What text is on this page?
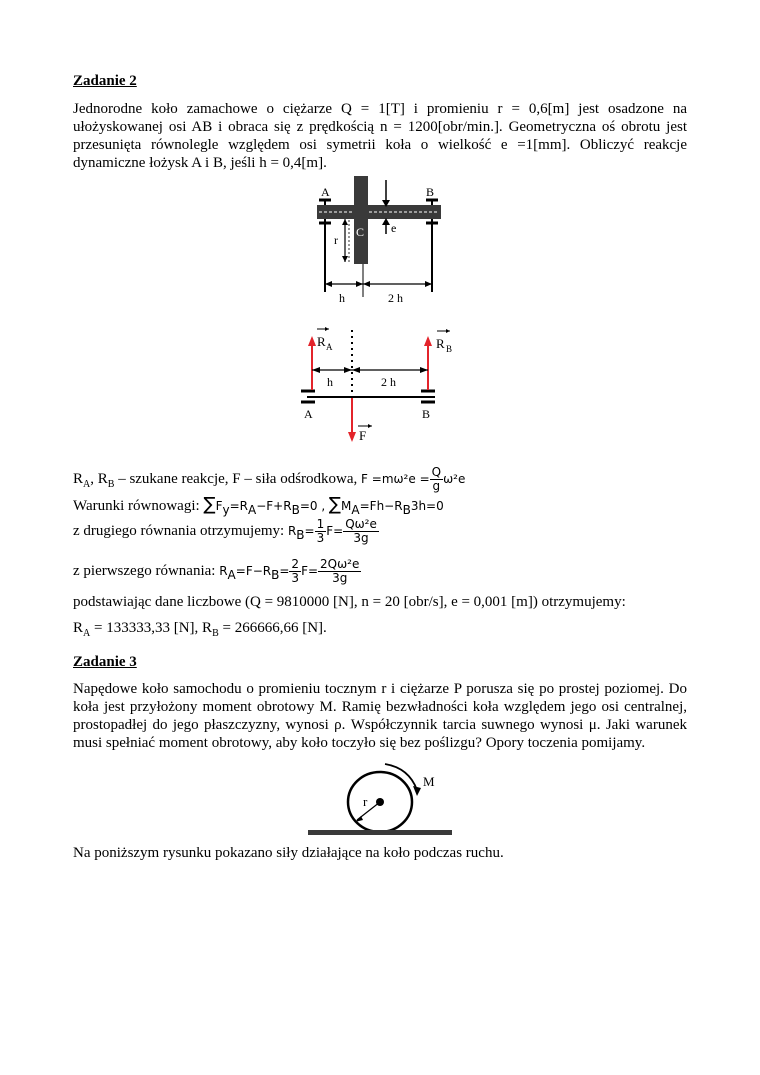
Zadanie 2
Jednorodne koło zamachowe o ciężarze Q = 1[T] i promieniu r = 0,6[m] jest osadzone na
ułożyskowanej osi AB i obraca się z prędkością n = 1200[obr/min.]. Geometryczna oś obrotu jest
przesunięta równolegle względem osi symetrii koła o wielkość e =1[mm]. Obliczyć reakcje
dynamiczne łożysk A i B, jeśli h = 0,4[m].
A	B
r
e
C
h	2 h
R A	R B
F
h	2 h
A	B
$R_A$, $R_B$ – szukane reakcje, F – siła odśrodkowa, $F =m\omega^2e = \frac{Q}{g} \omega^2e$
Warunki równowagi: $\sum F_y=R_A-F+R_B=0$ , $\sum M_A=Fh-R_B3h=0$
z drugiego równania otrzymujemy: $R_B= \frac{1}{3} F= \frac{\text{Qω²e}}{3g}$
z pierwszego równania: $R_A=F-R_B= \frac{2}{3} F= \frac{\text{2Qω²e}}{3g}$
podstawiając dane liczbowe (Q = 9810000 [N], n = 20 [obr/s], e = 0,001 [m]) otrzymujemy:
$R_A = 133333,33$ [N], $R_B = 266666,66$ [N].
Zadanie 3
Napędowe koło samochodu o promieniu tocznym r i ciężarze P porusza się po prostej poziomej. Do
koła jest przyłożony moment obrotowy M. Ramię bezwładności koła względem jego osi centralnej,
prostopadłej do jego płaszczyzny, wynosi ρ. Współczynnik tarcia suwnego wynosi μ. Jaki warunek
musi spełniać moment obrotowy, aby koło toczyło się bez poślizgu? Opory toczenia pomijamy.
M
r
Na poniższym rysunku pokazano siły działające na koło podczas ruchu.
